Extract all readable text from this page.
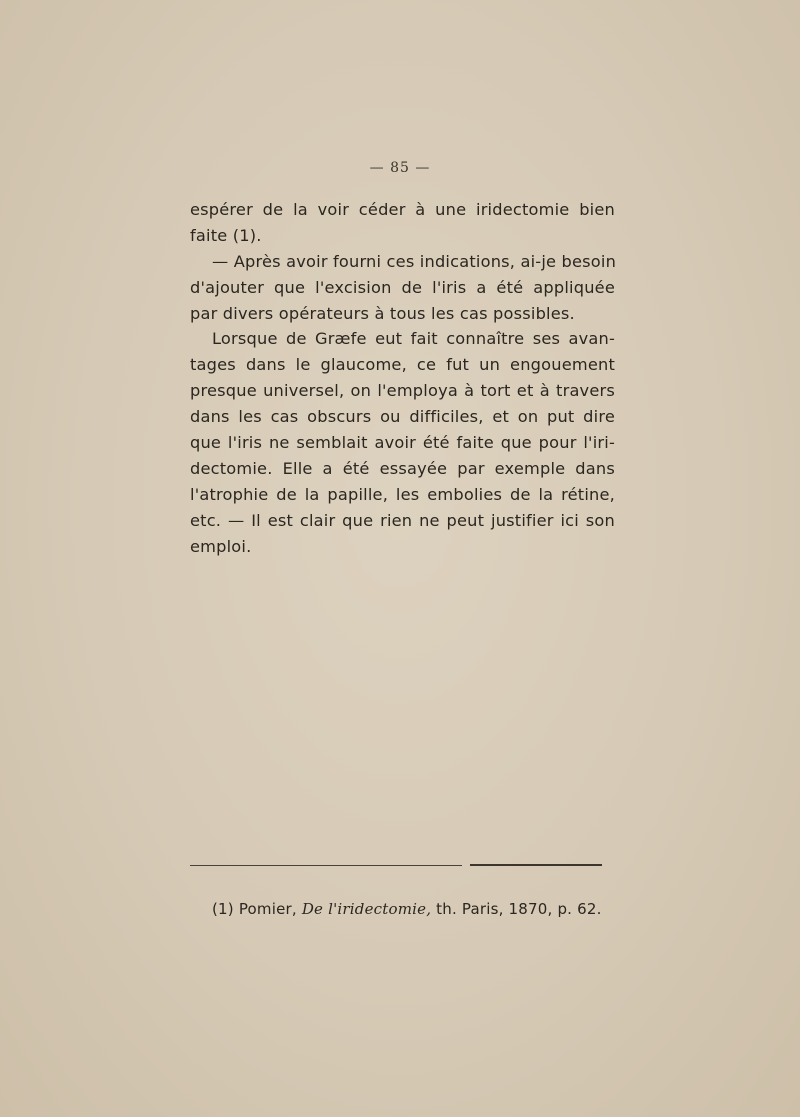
— 85 —
espérer de la voir céder à une iridectomie bien
faite (1).
— Après avoir fourni ces indications, ai-je besoin
d'ajouter que l'excision de l'iris a été appliquée
par divers opérateurs à tous les cas possibles.
Lorsque de Græfe eut fait connaître ses avan-
tages dans le glaucome, ce fut un engouement
presque universel, on l'employa à tort et à travers
dans les cas obscurs ou difficiles, et on put dire
que l'iris ne semblait avoir été faite que pour l'iri-
dectomie. Elle a été essayée par exemple dans
l'atrophie de la papille, les embolies de la rétine,
etc. — Il est clair que rien ne peut justifier ici son
emploi.
(1) Pomier, De l'iridectomie, th. Paris, 1870, p. 62.
